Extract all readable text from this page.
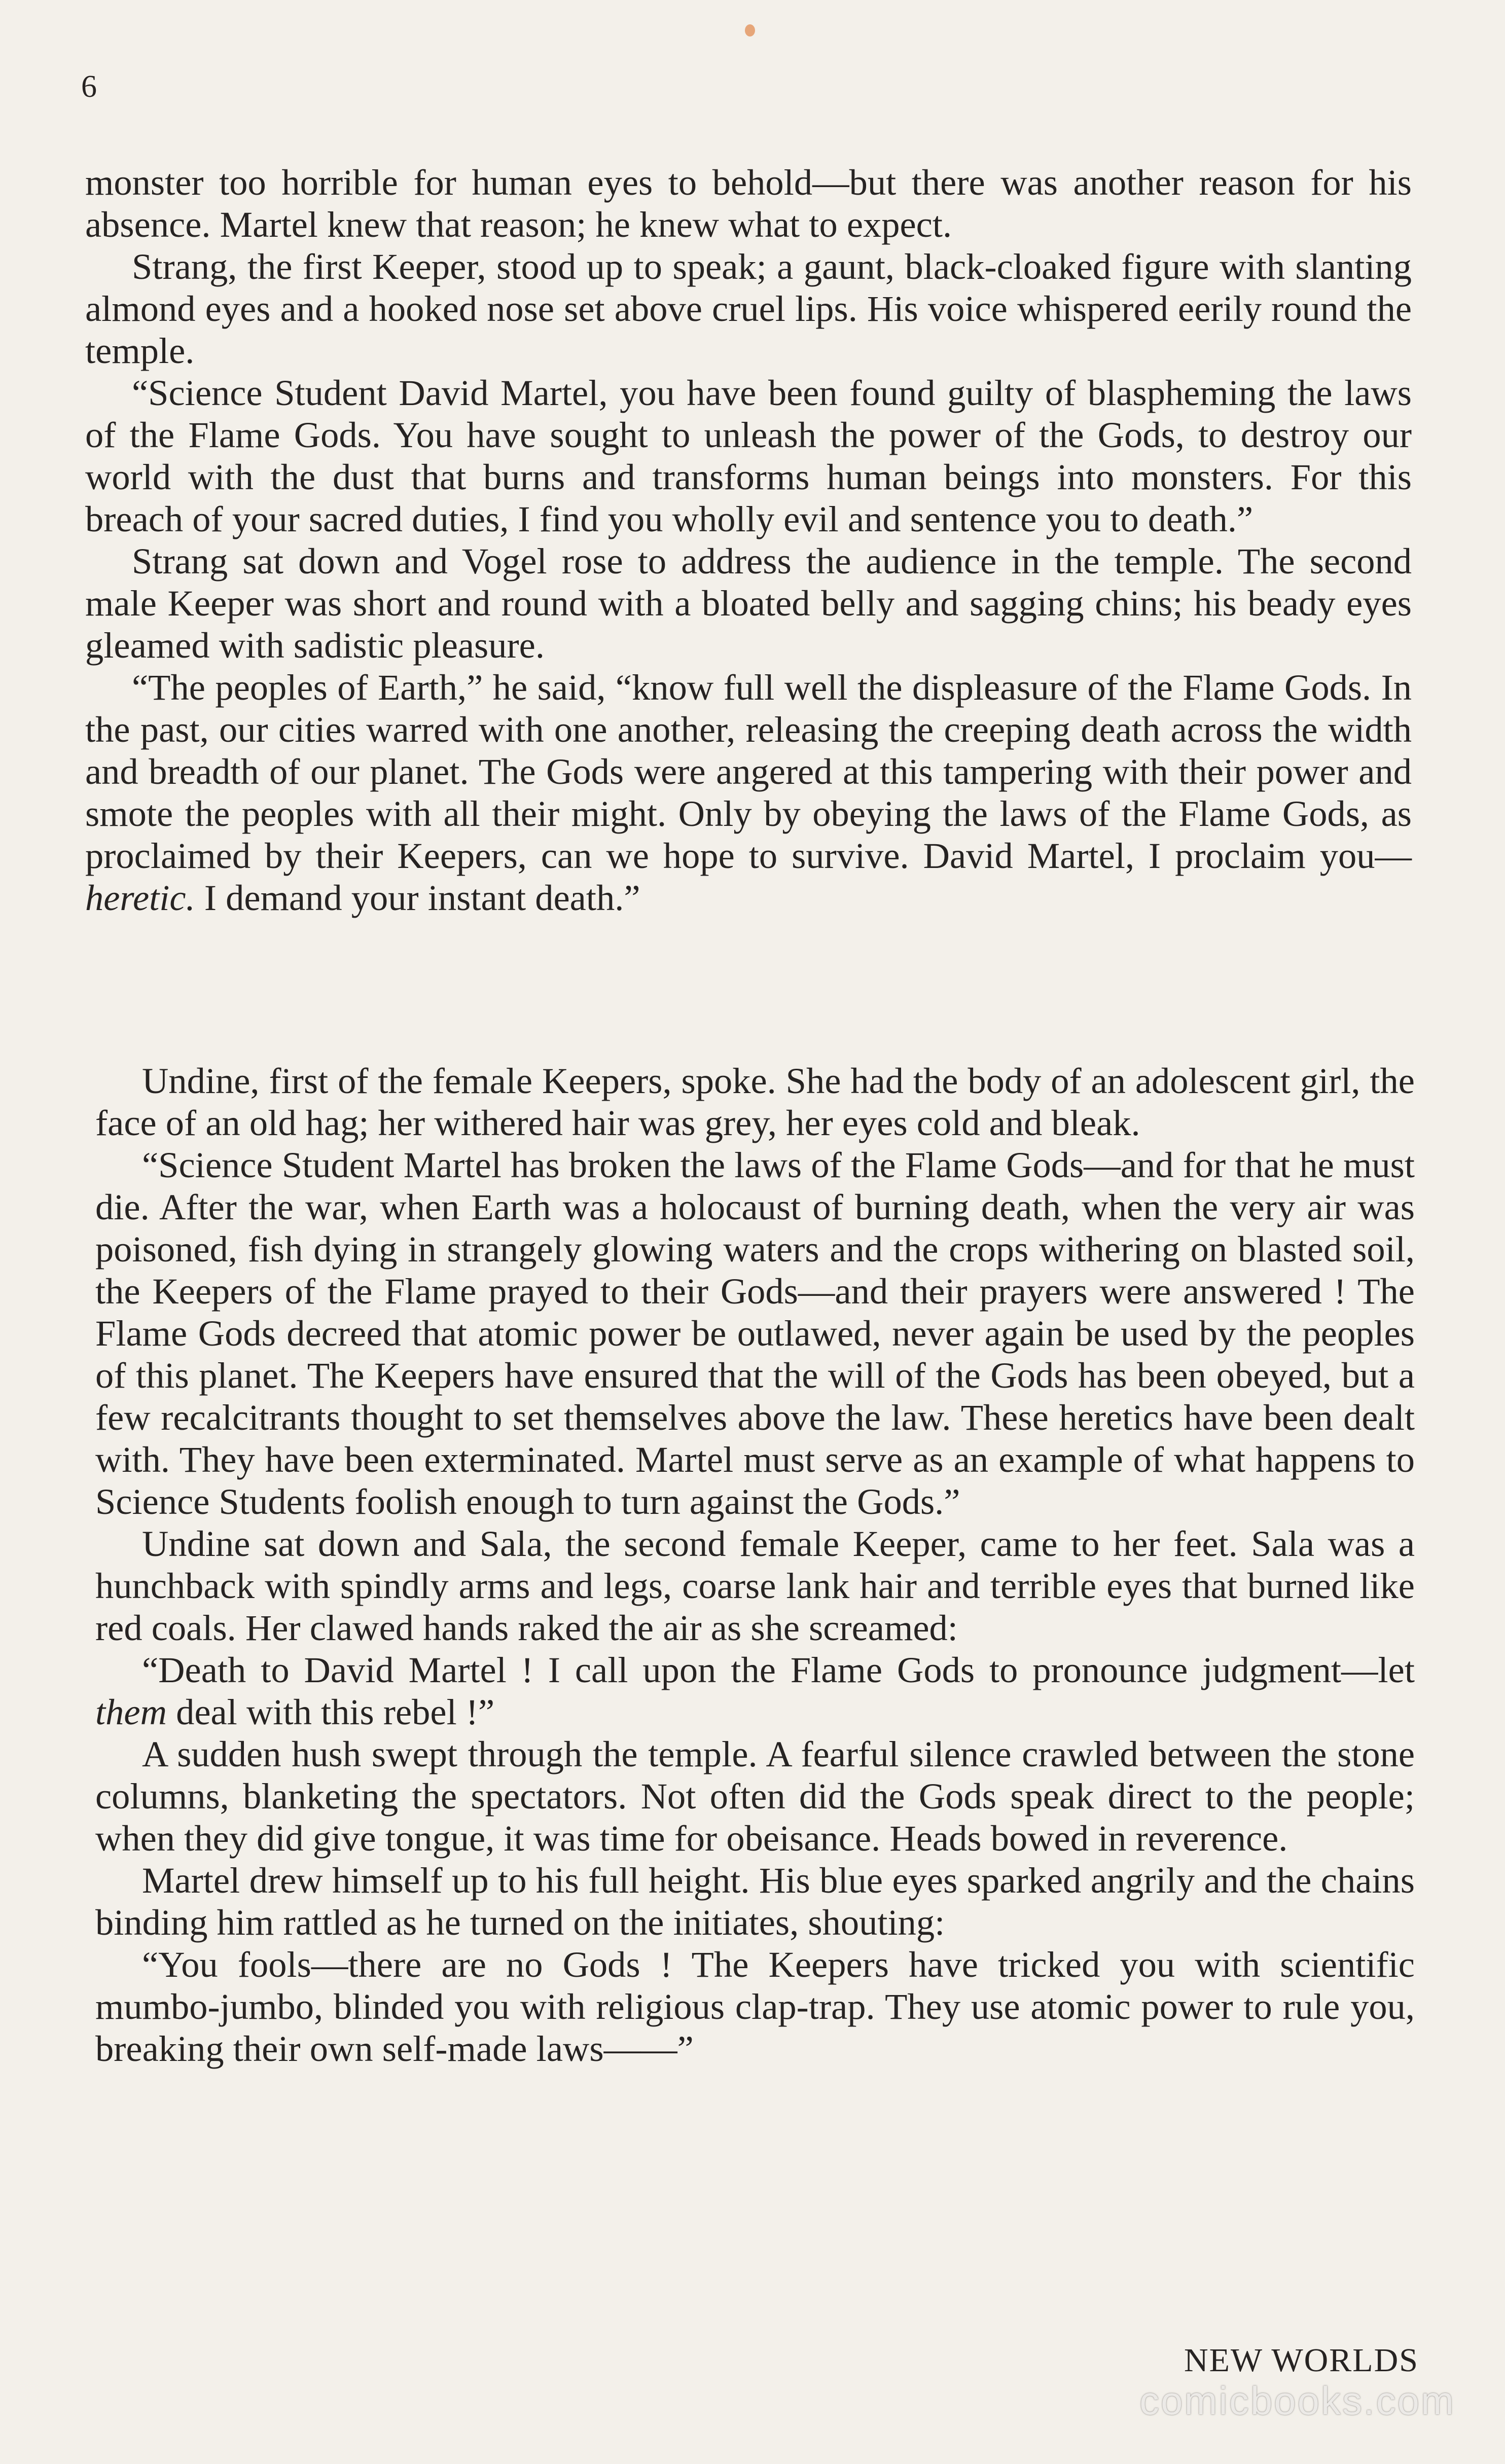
6

monster too horrible for human eyes to behold—but there was another reason for his absence. Martel knew that reason; he knew what to expect.

Strang, the first Keeper, stood up to speak; a gaunt, black-cloaked figure with slanting almond eyes and a hooked nose set above cruel lips. His voice whispered eerily round the temple.

“Science Student David Martel, you have been found guilty of blaspheming the laws of the Flame Gods. You have sought to unleash the power of the Gods, to destroy our world with the dust that burns and transforms human beings into monsters. For this breach of your sacred duties, I find you wholly evil and sentence you to death.”

Strang sat down and Vogel rose to address the audience in the temple. The second male Keeper was short and round with a bloated belly and sagging chins; his beady eyes gleamed with sadistic pleasure.

“The peoples of Earth,” he said, “know full well the displeasure of the Flame Gods. In the past, our cities warred with one another, releasing the creeping death across the width and breadth of our planet. The Gods were angered at this tampering with their power and smote the peoples with all their might. Only by obeying the laws of the Flame Gods, as proclaimed by their Keepers, can we hope to survive. David Martel, I proclaim you—heretic. I demand your instant death.”

Undine, first of the female Keepers, spoke. She had the body of an adolescent girl, the face of an old hag; her withered hair was grey, her eyes cold and bleak.

“Science Student Martel has broken the laws of the Flame Gods—and for that he must die. After the war, when Earth was a holocaust of burning death, when the very air was poisoned, fish dying in strangely glowing waters and the crops withering on blasted soil, the Keepers of the Flame prayed to their Gods—and their prayers were answered ! The Flame Gods decreed that atomic power be outlawed, never again be used by the peoples of this planet. The Keepers have ensured that the will of the Gods has been obeyed, but a few recalcitrants thought to set themselves above the law. These heretics have been dealt with. They have been exterminated. Martel must serve as an example of what happens to Science Students foolish enough to turn against the Gods.”

Undine sat down and Sala, the second female Keeper, came to her feet. Sala was a hunchback with spindly arms and legs, coarse lank hair and terrible eyes that burned like red coals. Her clawed hands raked the air as she screamed:

“Death to David Martel ! I call upon the Flame Gods to pronounce judgment—let them deal with this rebel !”

A sudden hush swept through the temple. A fearful silence crawled between the stone columns, blanketing the spectators. Not often did the Gods speak direct to the people; when they did give tongue, it was time for obeisance. Heads bowed in reverence.

Martel drew himself up to his full height. His blue eyes sparked angrily and the chains binding him rattled as he turned on the initiates, shouting:

“You fools—there are no Gods ! The Keepers have tricked you with scientific mumbo-jumbo, blinded you with religious clap-trap. They use atomic power to rule you, breaking their own self-made laws——”

NEW WORLDS
comicbooks.com
